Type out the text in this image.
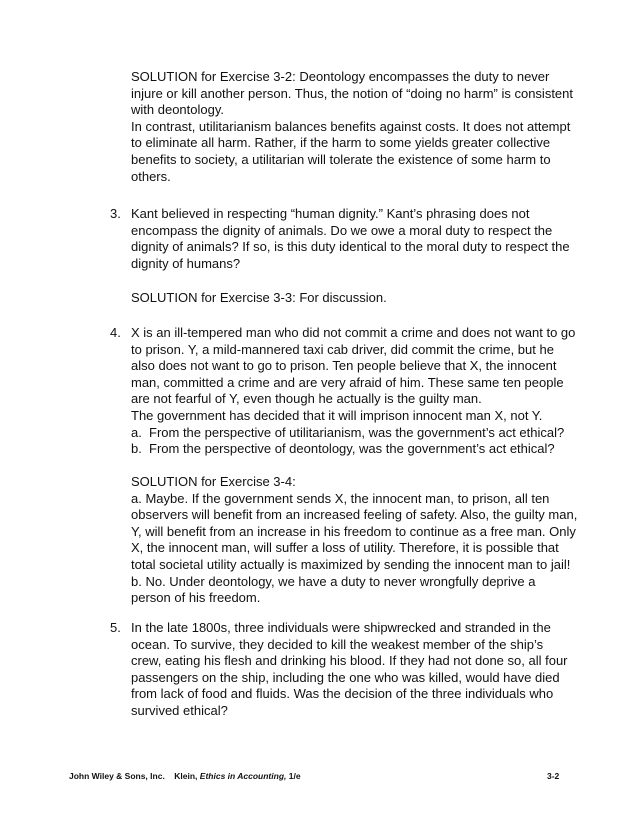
SOLUTION for Exercise 3-2: Deontology encompasses the duty to never

injure or kill another person. Thus, the notion of “doing no harm” is consistent

with deontology.

In contrast, utilitarianism balances benefits against costs. It does not attempt

to eliminate all harm. Rather, if the harm to some yields greater collective

benefits to society, a utilitarian will tolerate the existence of some harm to

others.

3. Kant believed in respecting “human dignity.” Kant’s phrasing does not

encompass the dignity of animals. Do we owe a moral duty to respect the

dignity of animals? If so, is this duty identical to the moral duty to respect the

dignity of humans?

SOLUTION for Exercise 3-3: For discussion.

4. X is an ill-tempered man who did not commit a crime and does not want to go

to prison. Y, a mild-mannered taxi cab driver, did commit the crime, but he

also does not want to go to prison. Ten people believe that X, the innocent

man, committed a crime and are very afraid of him. These same ten people

are not fearful of Y, even though he actually is the guilty man.

The government has decided that it will imprison innocent man X, not Y.

a. From the perspective of utilitarianism, was the government’s act ethical?
b. From the perspective of deontology, was the government’s act ethical?

SOLUTION for Exercise 3-4:

a. Maybe. If the government sends X, the innocent man, to prison, all ten

observers will benefit from an increased feeling of safety. Also, the guilty man,

Y, will benefit from an increase in his freedom to continue as a free man. Only

X, the innocent man, will suffer a loss of utility. Therefore, it is possible that

total societal utility actually is maximized by sending the innocent man to jail!

b. No. Under deontology, we have a duty to never wrongfully deprive a

person of his freedom.

5. In the late 1800s, three individuals were shipwrecked and stranded in the

ocean. To survive, they decided to kill the weakest member of the ship’s

crew, eating his flesh and drinking his blood. If they had not done so, all four

passengers on the ship, including the one who was killed, would have died

from lack of food and fluids. Was the decision of the three individuals who

survived ethical?

John Wiley & Sons, Inc. Klein, Ethics in Accounting, 1/e	3-2
